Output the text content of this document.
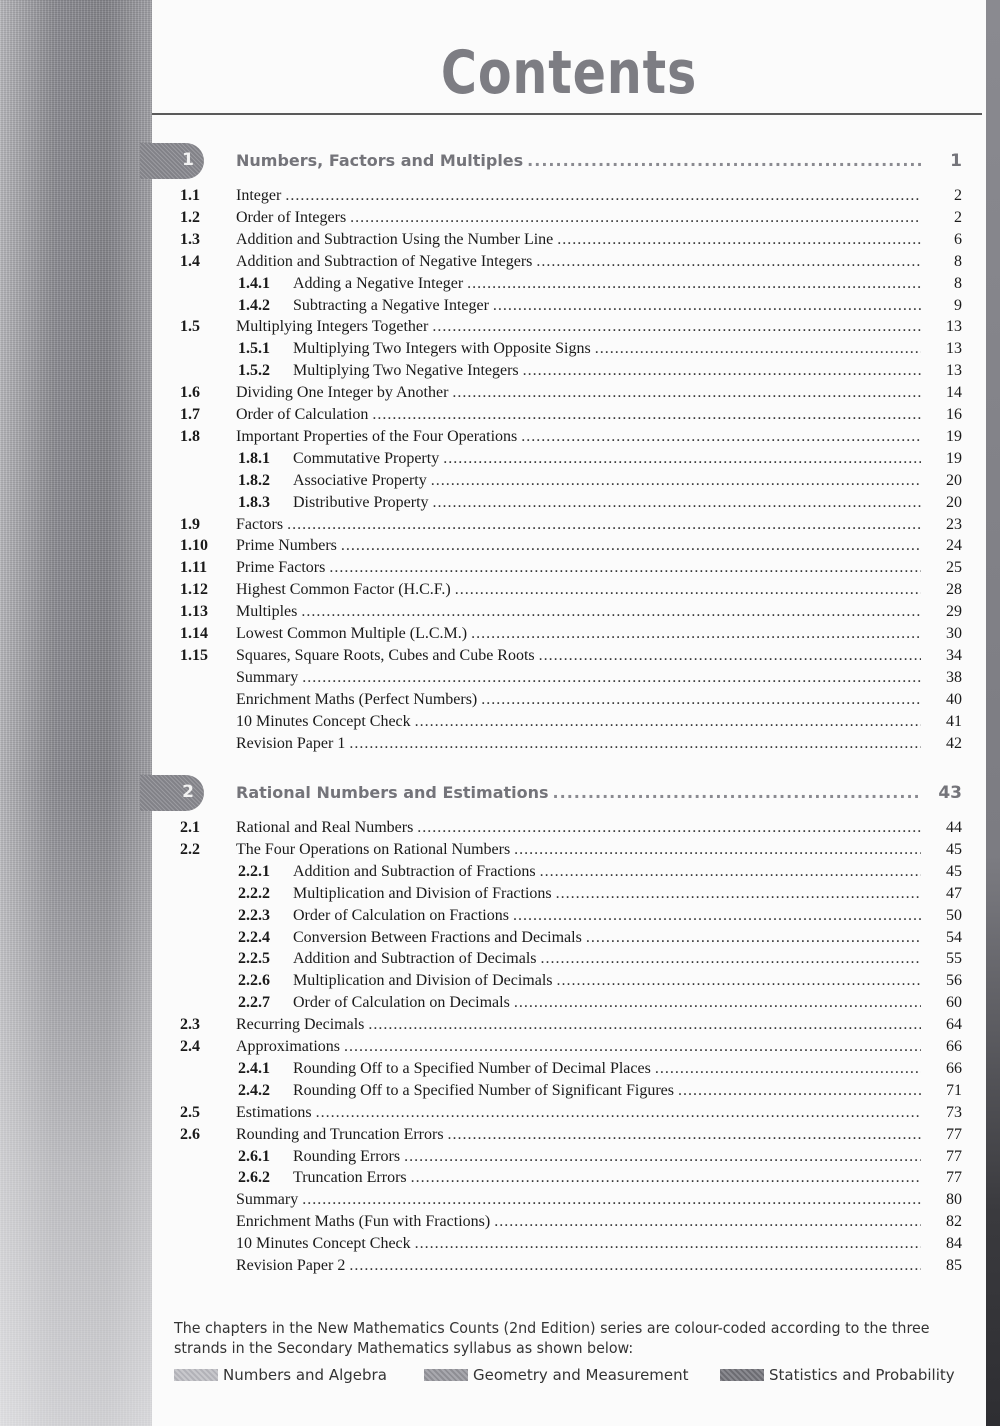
Contents
1	Numbers, Factors and Multiples .....	1
1.1 Integer .....	2
1.2 Order of Integers .....	2
1.3 Addition and Subtraction Using the Number Line .....	6
1.4 Addition and Subtraction of Negative Integers .....	8
1.4.1	Adding a Negative Integer .....	8
1.4.2	Subtracting a Negative Integer .....	9
1.5 Multiplying Integers Together .....	13
1.5.1	Multiplying Two Integers with Opposite Signs .....	13
1.5.2	Multiplying Two Negative Integers .....	13
1.6 Dividing One Integer by Another .....	14
1.7 Order of Calculation .....	16
1.8 Important Properties of the Four Operations .....	19
1.8.1	Commutative Property .....	19
1.8.2	Associative Property .....	20
1.8.3	Distributive Property .....	20
1.9 Factors .....	23
1.10 Prime Numbers .....	24
1.11 Prime Factors .....	25
1.12 Highest Common Factor (H.C.F.) .....	28
1.13 Multiples .....	29
1.14 Lowest Common Multiple (L.C.M.) .....	30
1.15 Squares, Square Roots, Cubes and Cube Roots .....	34
Summary .....	38
Enrichment Maths (Perfect Numbers) .....	40
10 Minutes Concept Check .....	41
Revision Paper 1 .....	42
2	Rational Numbers and Estimations .....	43
2.1 Rational and Real Numbers .....	44
2.2 The Four Operations on Rational Numbers .....	45
2.2.1	Addition and Subtraction of Fractions .....	45
2.2.2	Multiplication and Division of Fractions .....	47
2.2.3	Order of Calculation on Fractions .....	50
2.2.4	Conversion Between Fractions and Decimals .....	54
2.2.5	Addition and Subtraction of Decimals .....	55
2.2.6	Multiplication and Division of Decimals .....	56
2.2.7	Order of Calculation on Decimals .....	60
2.3 Recurring Decimals .....	64
2.4 Approximations .....	66
2.4.1	Rounding Off to a Specified Number of Decimal Places .....	66
2.4.2	Rounding Off to a Specified Number of Significant Figures .....	71
2.5 Estimations .....	73
2.6 Rounding and Truncation Errors .....	77
2.6.1	Rounding Errors .....	77
2.6.2	Truncation Errors .....	77
Summary .....	80
Enrichment Maths (Fun with Fractions) .....	82
10 Minutes Concept Check .....	84
Revision Paper 2 .....	85
The chapters in the New Mathematics Counts (2nd Edition) series are colour-coded according to the three strands in the Secondary Mathematics syllabus as shown below:
Numbers and Algebra	Geometry and Measurement	Statistics and Probability
